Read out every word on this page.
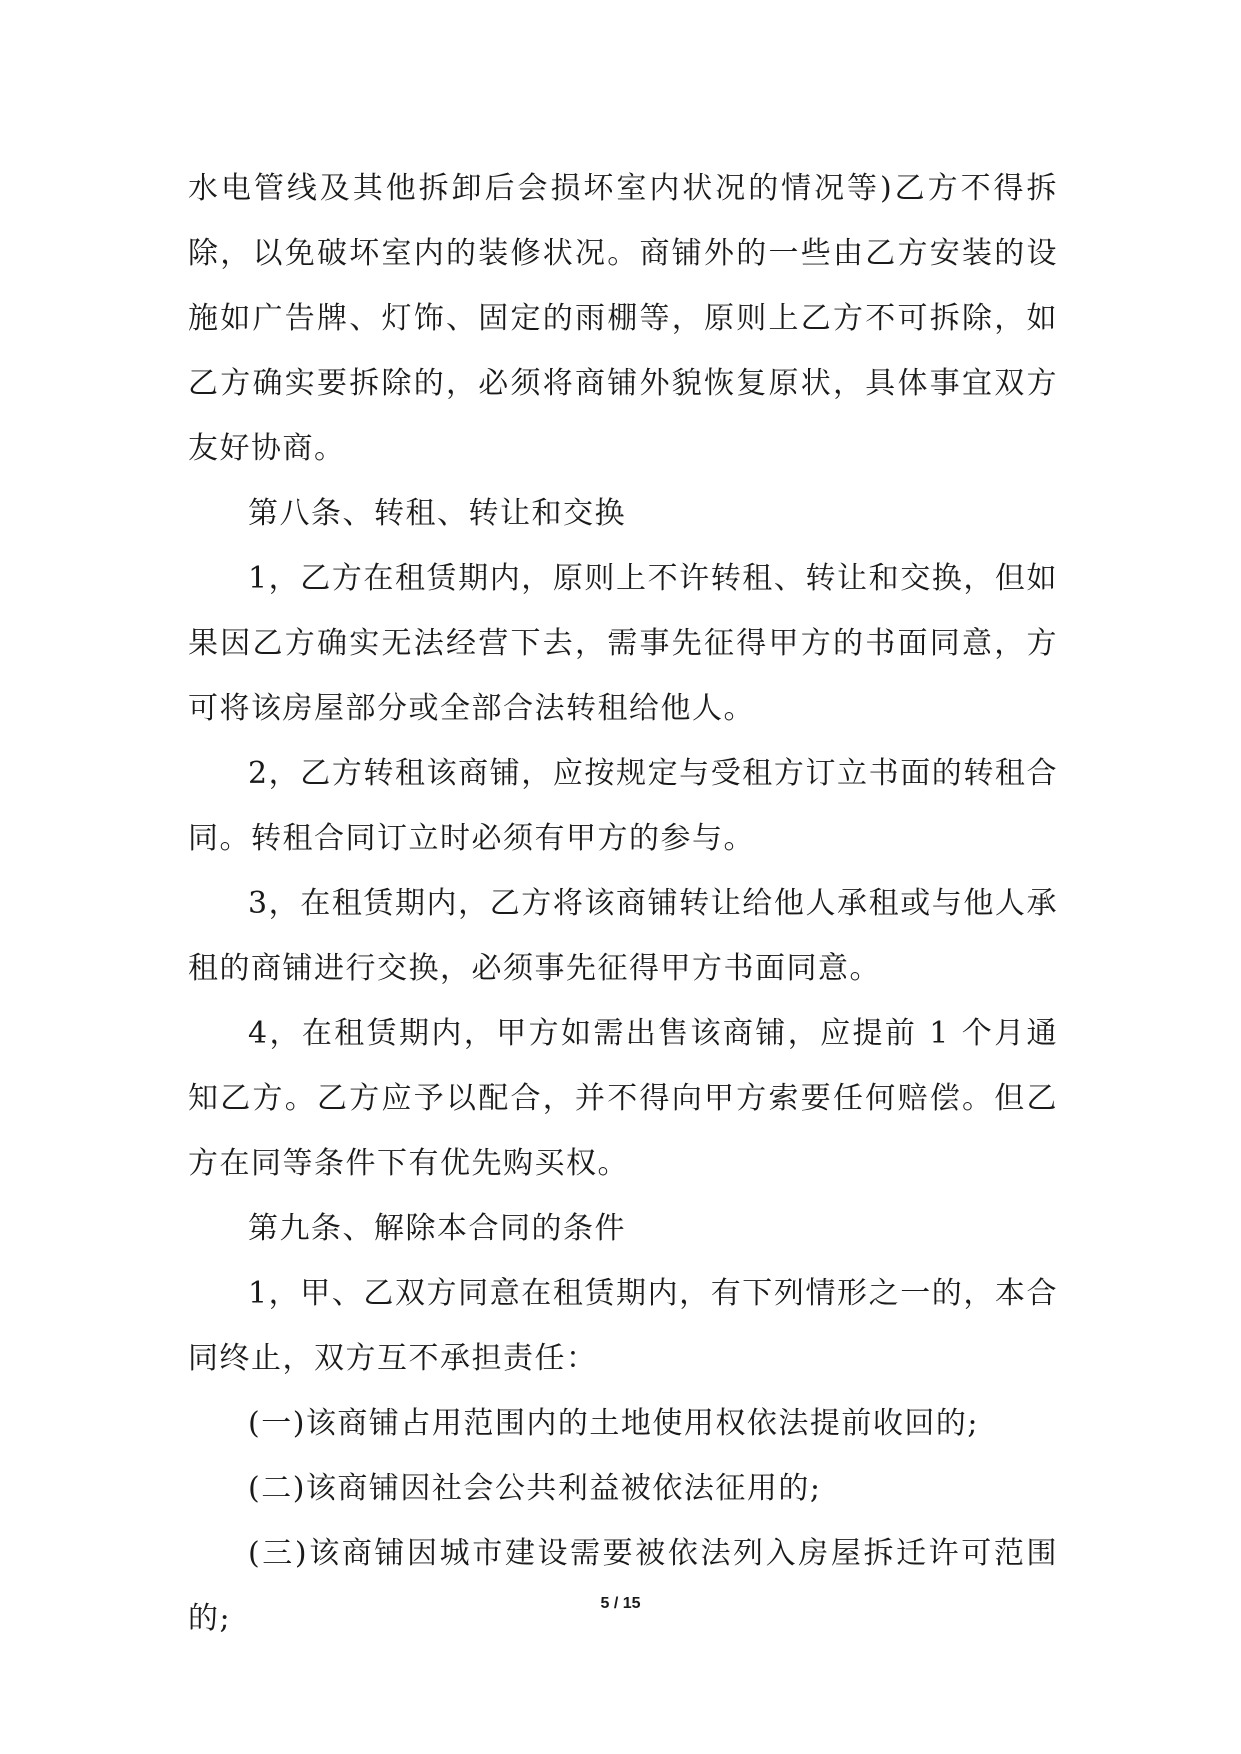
水电管线及其他拆卸后会损坏室内状况的情况等)乙方不得拆除，以免破坏室内的装修状况。商铺外的一些由乙方安装的设施如广告牌、灯饰、固定的雨棚等，原则上乙方不可拆除，如乙方确实要拆除的，必须将商铺外貌恢复原状，具体事宜双方友好协商。

第八条、转租、转让和交换

1，乙方在租赁期内，原则上不许转租、转让和交换，但如果因乙方确实无法经营下去，需事先征得甲方的书面同意，方可将该房屋部分或全部合法转租给他人。

2，乙方转租该商铺，应按规定与受租方订立书面的转租合同。转租合同订立时必须有甲方的参与。

3，在租赁期内，乙方将该商铺转让给他人承租或与他人承租的商铺进行交换，必须事先征得甲方书面同意。

4，在租赁期内，甲方如需出售该商铺，应提前 1 个月通知乙方。乙方应予以配合，并不得向甲方索要任何赔偿。但乙方在同等条件下有优先购买权。

第九条、解除本合同的条件

1，甲、乙双方同意在租赁期内，有下列情形之一的，本合同终止，双方互不承担责任：

(一)该商铺占用范围内的土地使用权依法提前收回的;

(二)该商铺因社会公共利益被依法征用的;

(三)该商铺因城市建设需要被依法列入房屋拆迁许可范围的;	5 / 15
